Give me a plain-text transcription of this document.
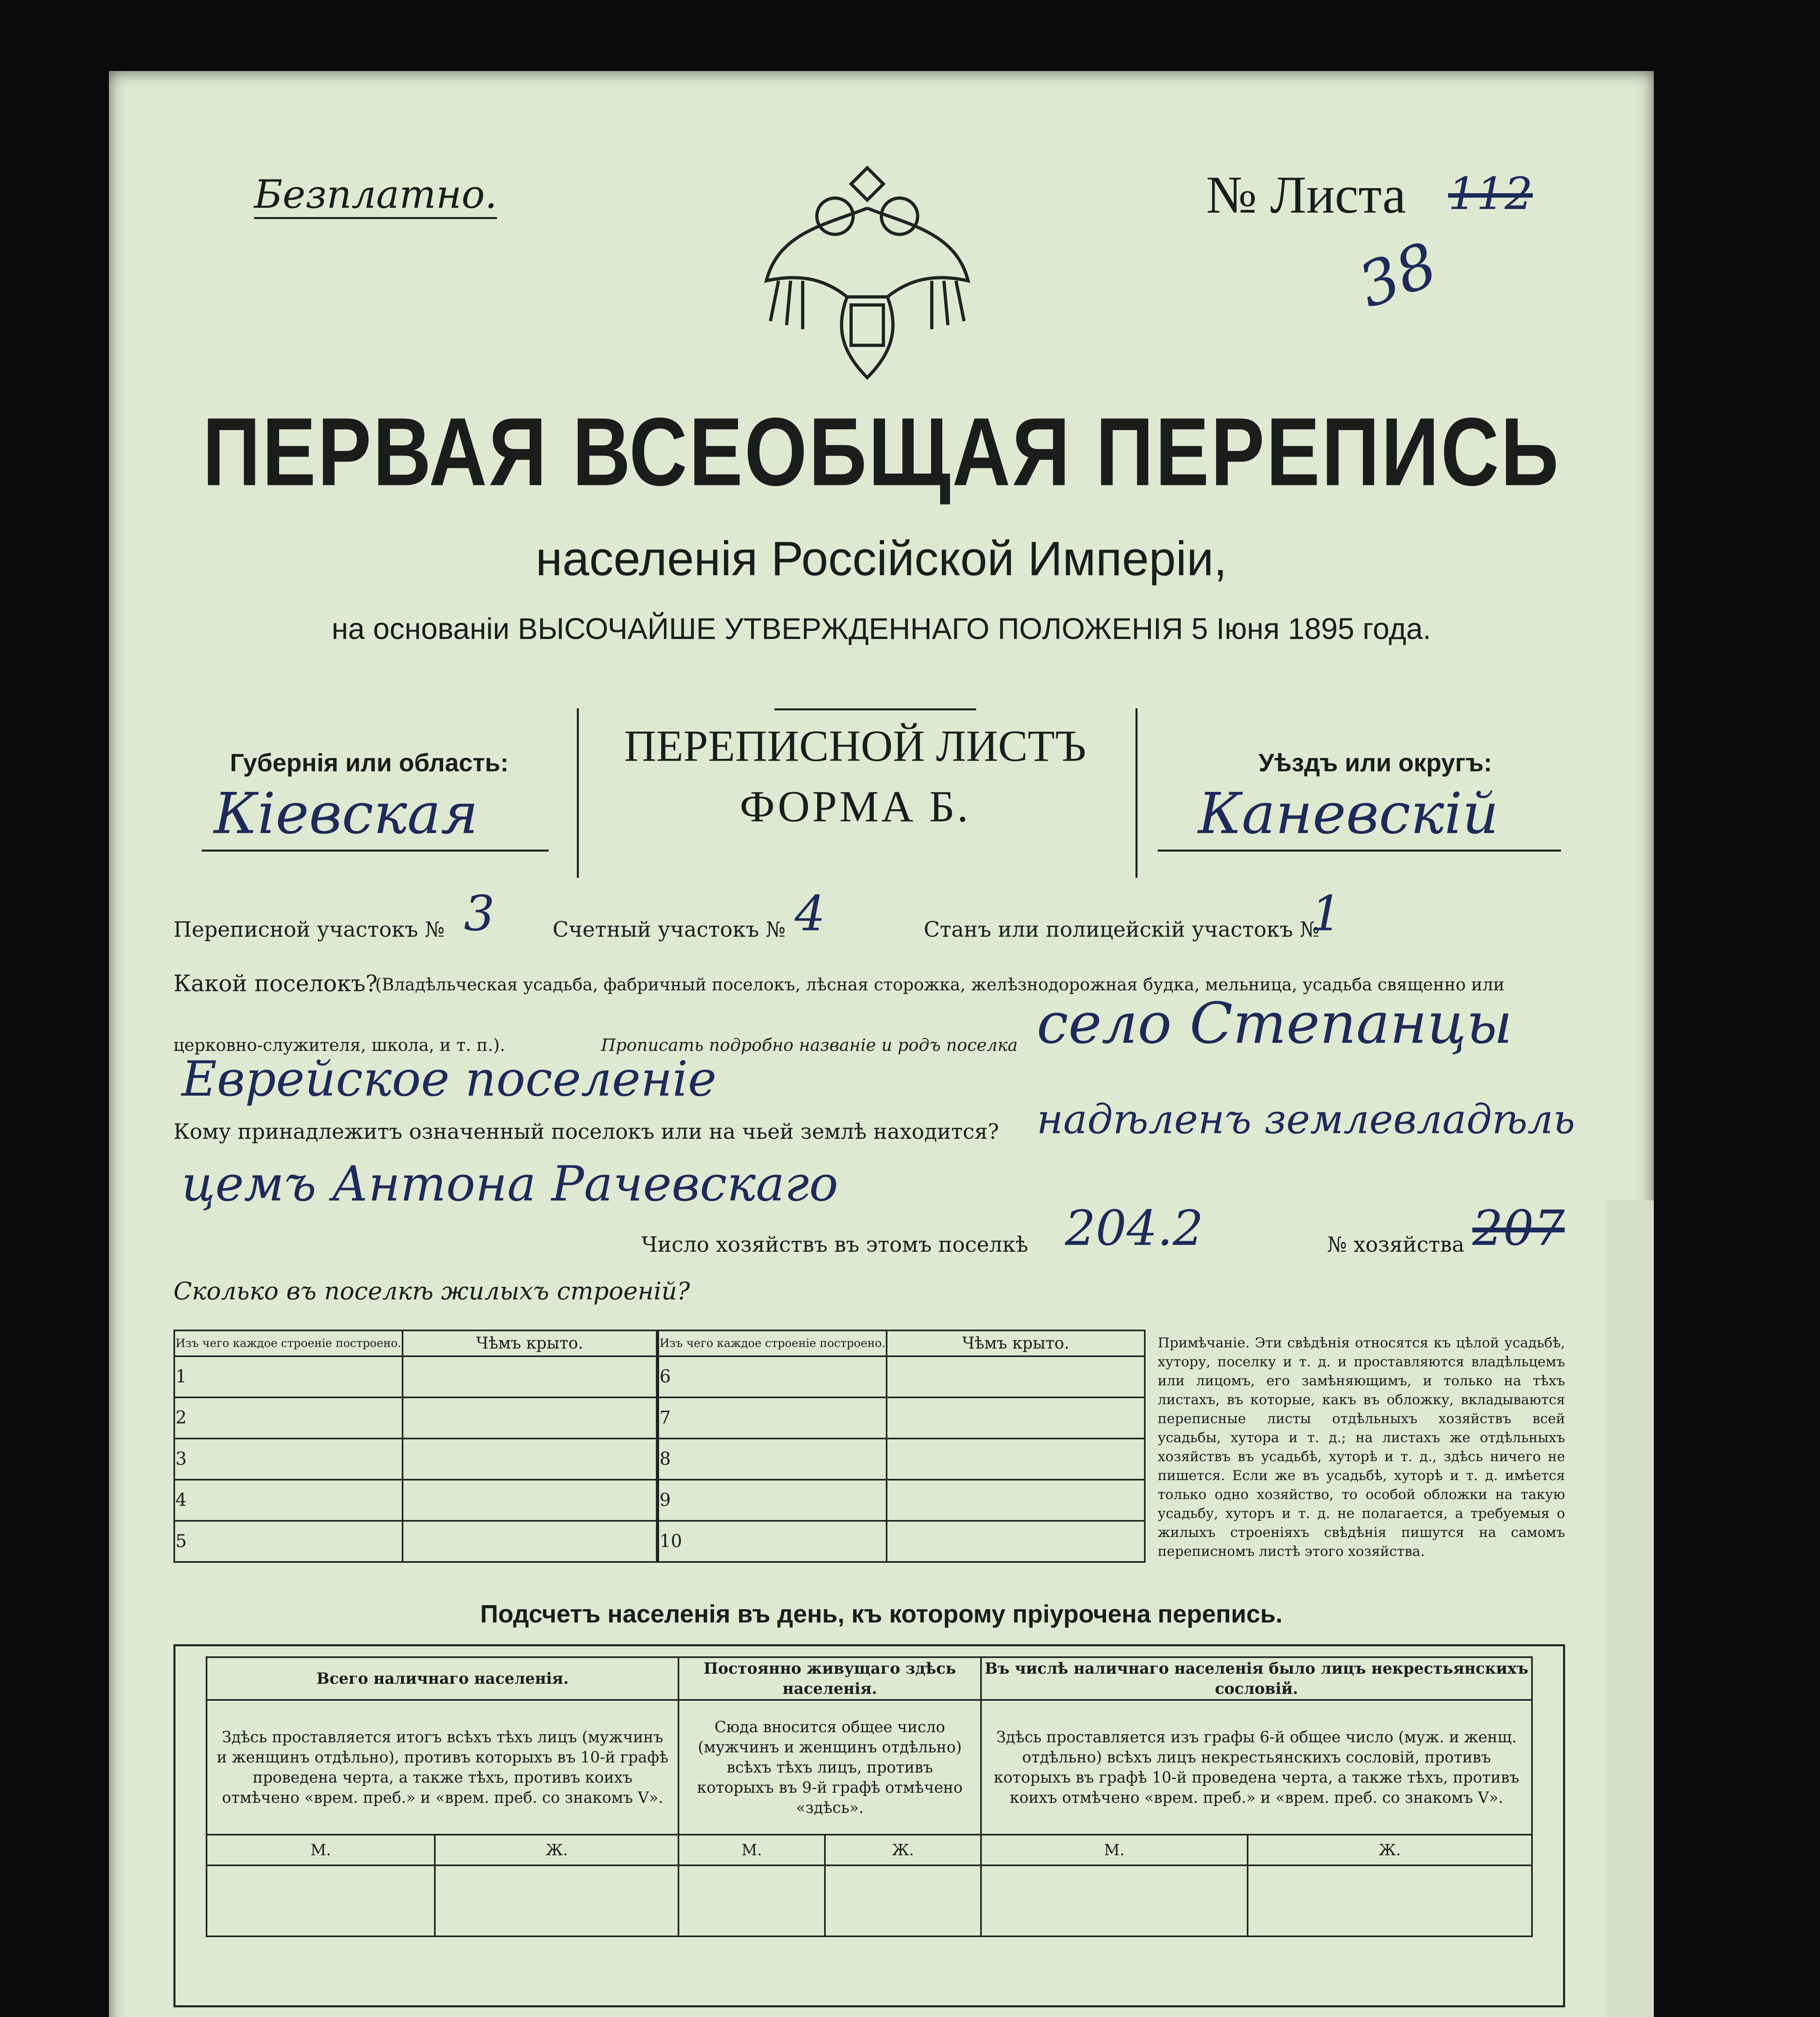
Безплатно.	№ Листа 112
38
ПЕРВАЯ ВСЕОБЩАЯ ПЕРЕПИСЬ
населенія Россійской Имперіи,
на основаніи ВЫСОЧАЙШЕ УТВЕРЖДЕННАГО ПОЛОЖЕНІЯ 5 Іюня 1895 года.
Губернія или область:
Кіевская
ПЕРЕПИСНОЙ ЛИСТЪ
ФОРМА Б.
Уѣздъ или округъ:
Каневскій
Переписной участокъ № 3	Счетный участокъ № 4	Станъ или полицейскій участокъ №
1
Какой поселокъ?
(Владѣльческая усадьба, фабричный поселокъ, лѣсная сторожка, желѣзнодорожная будка, мельница, усадьба священно или
церковно-служителя, школа, и т. п.).	Прописать подробно названіе и родъ поселка село Степанцы
Еврейское поселеніе
Кому принадлежитъ означенный поселокъ или на чьей землѣ находится? надѣленъ землевладѣль
цемъ Антона Рачевскаго
Число хозяйствъ въ этомъ поселкѣ 204.2	№ хозяйства 207
Сколько въ поселкѣ жилыхъ строеній?
Изъ чего каждое строеніе построено.	Чѣмъ крыто.
1	
2	
3	
4	
5	
Изъ чего каждое строеніе построено.	Чѣмъ крыто.
6	
7	
8	
9	
10	
Примѣчаніе. Эти свѣдѣнія относятся къ цѣлой усадьбѣ, хутору, поселку и т. д. и проставляются владѣльцемъ или лицомъ, его замѣняющимъ, и только на тѣхъ листахъ, въ которые, какъ въ обложку, вкладываются переписные листы отдѣльныхъ хозяйствъ всей усадьбы, хутора и т. д.; на листахъ же отдѣльныхъ хозяйствъ въ усадьбѣ, хуторѣ и т. д., здѣсь ничего не пишется. Если же въ усадьбѣ, хуторѣ и т. д. имѣется только одно хозяйство, то особой обложки на такую усадьбу, хуторъ и т. д. не полагается, а требуемыя о жилыхъ строеніяхъ свѣдѣнія пишутся на самомъ переписномъ листѣ этого хозяйства.
Подсчетъ населенія въ день, къ которому пріурочена перепись.
Всего наличнаго населенія.		Постоянно живущаго здѣсь населенія.		Въ числѣ наличнаго населенія было лицъ некрестьянскихъ сословій.	
Здѣсь проставляется итогъ всѣхъ тѣхъ лицъ (мужчинъ и женщинъ отдѣльно), противъ которыхъ въ 10-й графѣ проведена черта, а также тѣхъ, противъ коихъ отмѣчено «врем. преб.» и «врем. преб. со знакомъ V».		Сюда вносится общее число (мужчинъ и женщинъ отдѣльно) всѣхъ тѣхъ лицъ, противъ которыхъ въ 9-й графѣ отмѣчено «здѣсь».		Здѣсь проставляется изъ графы 6-й общее число (муж. и женщ. отдѣльно) всѣхъ лицъ некрестьянскихъ сословій, противъ которыхъ въ графѣ 10-й проведена черта, а также тѣхъ, противъ коихъ отмѣчено «врем. преб.» и «врем. преб. со знакомъ V».	
М.	Ж.	М.	Ж.	М.	Ж.
